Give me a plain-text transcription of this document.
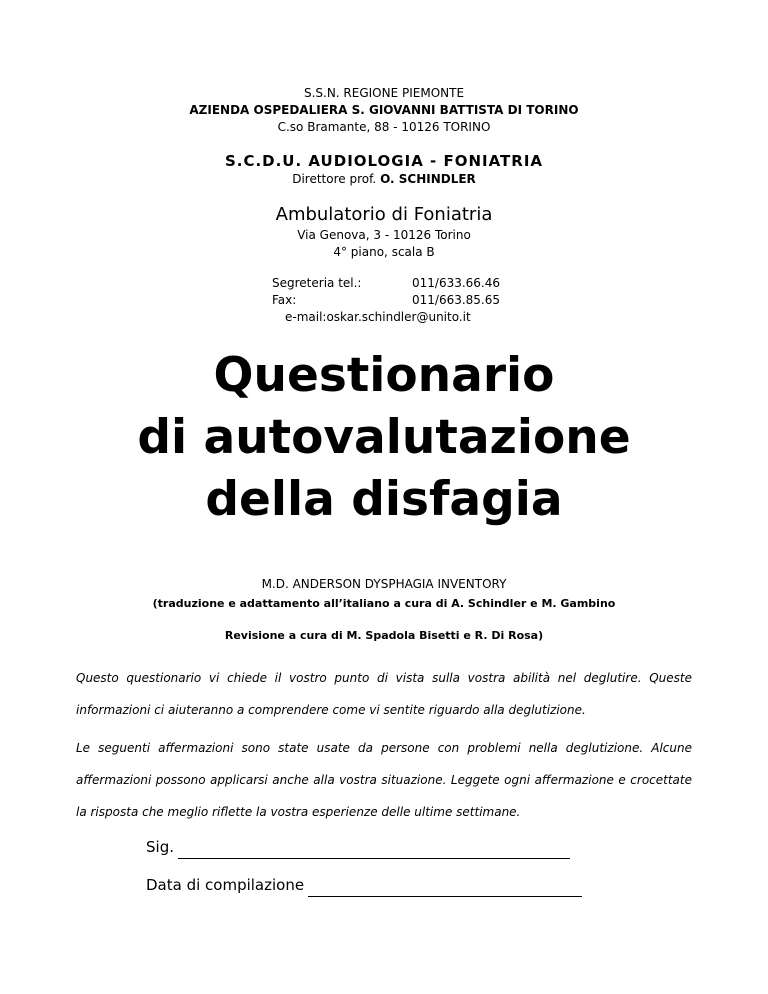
S.S.N. REGIONE PIEMONTE
AZIENDA OSPEDALIERA S. GIOVANNI BATTISTA DI TORINO
C.so Bramante, 88 - 10126 TORINO
S.C.D.U. AUDIOLOGIA - FONIATRIA
Direttore prof. O. SCHINDLER
Ambulatorio di Foniatria
Via Genova, 3 - 10126 Torino
4° piano, scala B
Segreteria tel.:	011/633.66.46
Fax:	011/663.85.65
e-mail:oskar.schindler@unito.it
Questionario
di autovalutazione
della disfagia
M.D. ANDERSON DYSPHAGIA INVENTORY
(traduzione e adattamento all’italiano a cura di A. Schindler e M. Gambino
Revisione a cura di M. Spadola Bisetti e R. Di Rosa)

Questo questionario vi chiede il vostro punto di vista sulla vostra abilità nel deglutire. Queste informazioni ci aiuteranno a comprendere come vi sentite riguardo alla deglutizione.

Le seguenti affermazioni sono state usate da persone con problemi nella deglutizione. Alcune affermazioni possono applicarsi anche alla vostra situazione. Leggete ogni affermazione e crocettate la risposta che meglio riflette la vostra esperienze delle ultime settimane.

Sig.
Data di compilazione
